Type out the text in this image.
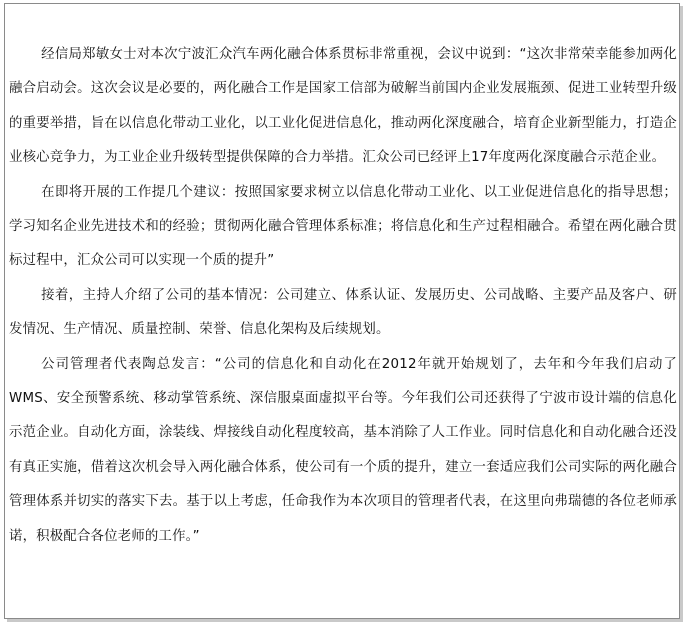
经信局郑敏女士对本次宁波汇众汽车两化融合体系贯标非常重视，会议中说到：“这次非常荣幸能参加两化融合启动会。这次会议是必要的，两化融合工作是国家工信部为破解当前国内企业发展瓶颈、促进工业转型升级的重要举措，旨在以信息化带动工业化，以工业化促进信息化，推动两化深度融合，培育企业新型能力，打造企业核心竞争力，为工业企业升级转型提供保障的合力举措。汇众公司已经评上17年度两化深度融合示范企业。

在即将开展的工作提几个建议：按照国家要求树立以信息化带动工业化、以工业促进信息化的指导思想；学习知名企业先进技术和的经验；贯彻两化融合管理体系标准；将信息化和生产过程相融合。希望在两化融合贯标过程中，汇众公司可以实现一个质的提升”

接着，主持人介绍了公司的基本情况：公司建立、体系认证、发展历史、公司战略、主要产品及客户、研发情况、生产情况、质量控制、荣誉、信息化架构及后续规划。

公司管理者代表陶总发言：“公司的信息化和自动化在2012年就开始规划了，去年和今年我们启动了WMS、安全预警系统、移动掌管系统、深信服桌面虚拟平台等。今年我们公司还获得了宁波市设计端的信息化示范企业。自动化方面，涂装线、焊接线自动化程度较高，基本消除了人工作业。同时信息化和自动化融合还没有真正实施，借着这次机会导入两化融合体系，使公司有一个质的提升，建立一套适应我们公司实际的两化融合管理体系并切实的落实下去。基于以上考虑，任命我作为本次项目的管理者代表，在这里向弗瑞德的各位老师承诺，积极配合各位老师的工作。”
